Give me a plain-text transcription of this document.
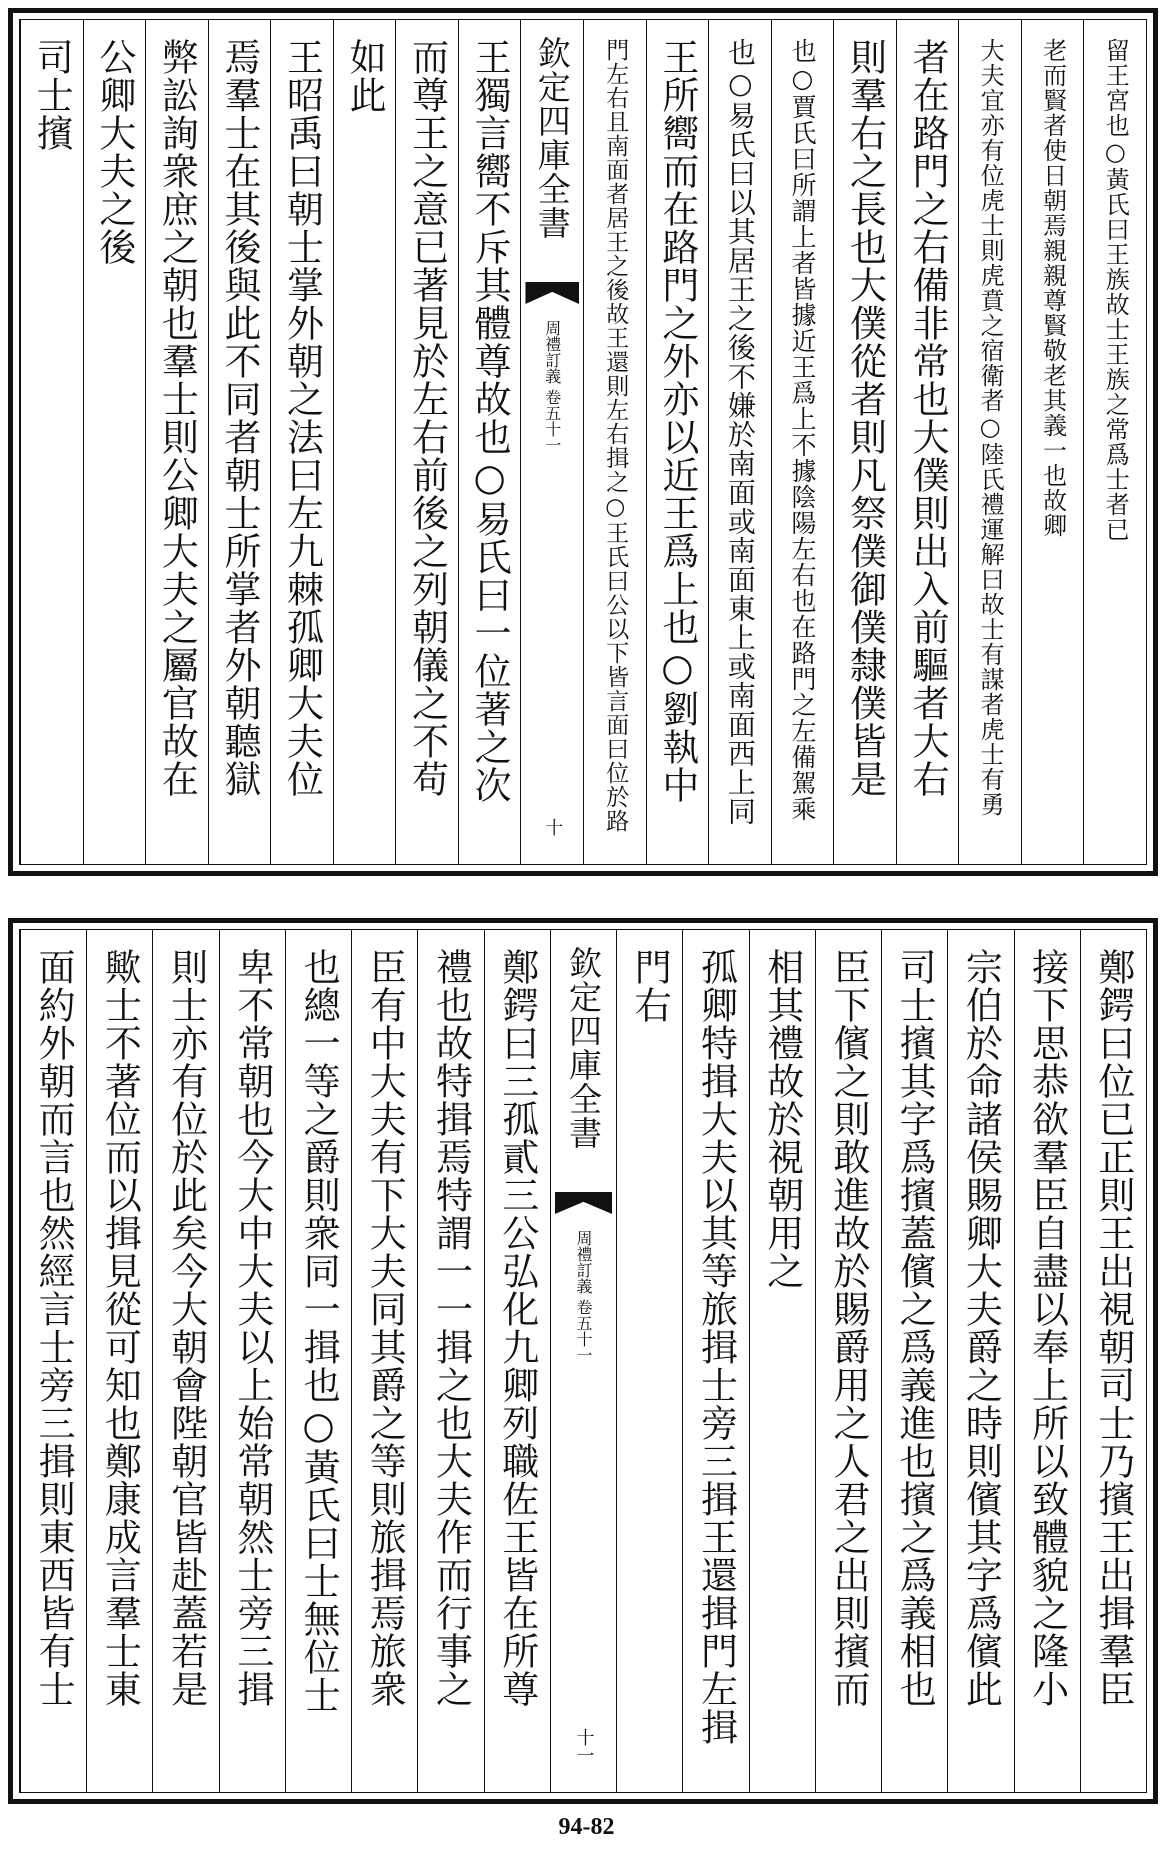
留王宮也○黃氏曰王族故士王族之常爲士者已
老而賢者使日朝焉親親尊賢敬老其義一也故卿
大夫宜亦有位虎士則虎賁之宿衛者○陸氏禮運解曰故士有謀者虎士有勇
者在路門之右備非常也大僕則出入前驅者大右
則羣右之長也大僕從者則凡祭僕御僕隸僕皆是
也○賈氏曰所謂上者皆據近王爲上不據陰陽左右也在路門之左備駕乘
也○易氏曰以其居王之後不嫌於南面或南面東上或南面西上同
王所嚮而在路門之外亦以近王爲上也○劉執中
門左右且南面者居王之後故王還則左右揖之○王氏曰公以下皆言面曰位於路
欽定四庫全書
周禮訂義 卷五十一
十
王獨言嚮不斥其體尊故也○易氏曰一位著之次
而尊王之意已著見於左右前後之列朝儀之不苟
如此
王昭禹曰朝士掌外朝之法曰左九棘孤卿大夫位
焉羣士在其後與此不同者朝士所掌者外朝聽獄
弊訟詢衆庶之朝也羣士則公卿大夫之屬官故在
公卿大夫之後
司士擯
鄭鍔曰位已正則王出視朝司士乃擯王出揖羣臣
接下思恭欲羣臣自盡以奉上所以致體貌之隆小
宗伯於命諸侯賜卿大夫爵之時則儐其字爲儐此
司士擯其字爲擯蓋儐之爲義進也擯之爲義相也
臣下儐之則敢進故於賜爵用之人君之出則擯而
相其禮故於視朝用之
孤卿特揖大夫以其等旅揖士旁三揖王還揖門左揖
門右
欽定四庫全書
周禮訂義 卷五十一
十一
鄭鍔曰三孤貳三公弘化九卿列職佐王皆在所尊
禮也故特揖焉特謂一一揖之也大夫作而行事之
臣有中大夫有下大夫同其爵之等則旅揖焉旅衆
也總一等之爵則衆同一揖也○黃氏曰士無位士
卑不常朝也今大中大夫以上始常朝然士旁三揖
則士亦有位於此矣今大朝會陛朝官皆赴蓋若是
歟士不著位而以揖見從可知也鄭康成言羣士東
面約外朝而言也然經言士旁三揖則東西皆有士
94-82
